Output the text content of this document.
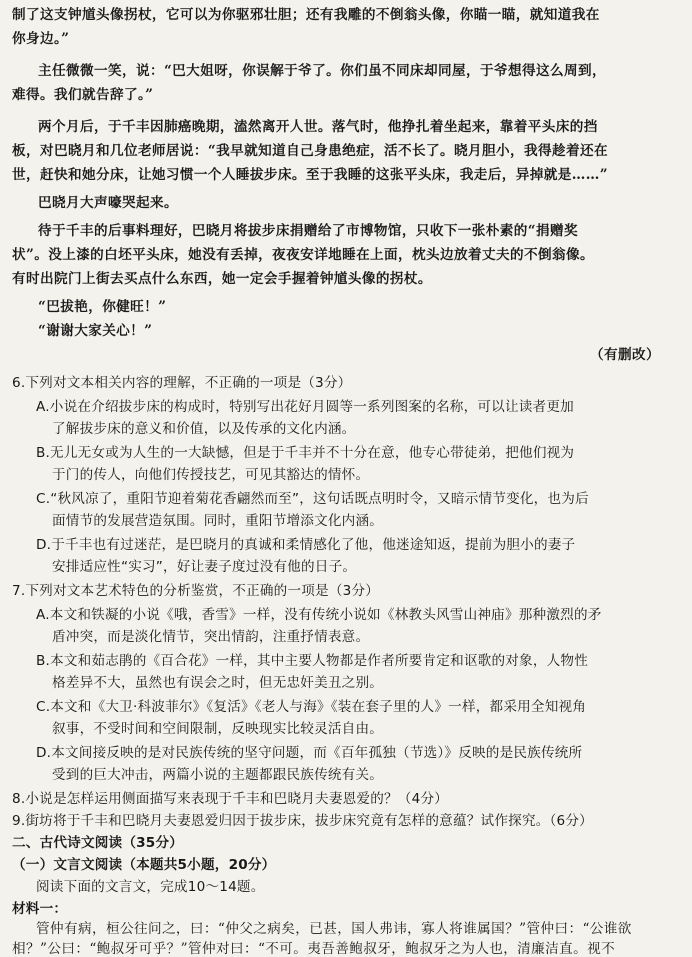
制了这支钟馗头像拐杖，它可以为你驱邪壮胆；还有我雕的不倒翁头像，你瞄一瞄，就知道我在
你身边。”
主任微微一笑，说：“巴大姐呀，你误解于爷了。你们虽不同床却同屋，于爷想得这么周到，
难得。我们就告辞了。”
两个月后，于千丰因肺癌晚期，溘然离开人世。落气时，他挣扎着坐起来，靠着平头床的挡
板，对巴晓月和几位老师居说：“我早就知道自己身患绝症，活不长了。晓月胆小，我得趁着还在
世，赶快和她分床，让她习惯一个人睡拔步床。至于我睡的这张平头床，我走后，异掉就是……”
巴晓月大声嚎哭起来。
待于千丰的后事料理好，巴晓月将拔步床捐赠给了市博物馆，只收下一张朴素的“捐赠奖
状”。没上漆的白坯平头床，她没有丢掉，夜夜安详地睡在上面，枕头边放着丈夫的不倒翁像。
有时出院门上街去买点什么东西，她一定会手握着钟馗头像的拐杖。
“巴拔艳，你健旺！”
“谢谢大家关心！”
（有删改）
6.下列对文本相关内容的理解，不正确的一项是（3分）
A.小说在介绍拔步床的构成时，特别写出花好月圆等一系列图案的名称，可以让读者更加
了解拔步床的意义和价值，以及传承的文化内涵。
B.无儿无女或为人生的一大缺憾，但是于千丰并不十分在意，他专心带徒弟，把他们视为
于门的传人，向他们传授技艺，可见其豁达的情怀。
C.“秋风凉了，重阳节迎着菊花香翩然而至”，这句话既点明时令，又暗示情节变化，也为后
面情节的发展营造氛围。同时，重阳节增添文化内涵。
D.于千丰也有过迷茫，是巴晓月的真诚和柔情感化了他，他迷途知返，提前为胆小的妻子
安排适应性“实习”，好让妻子度过没有他的日子。
7.下列对文本艺术特色的分析鉴赏，不正确的一项是（3分）
A.本文和铁凝的小说《哦，香雪》一样，没有传统小说如《林教头风雪山神庙》那种激烈的矛
盾冲突，而是淡化情节，突出情韵，注重抒情表意。
B.本文和茹志鹃的《百合花》一样，其中主要人物都是作者所要肯定和讴歌的对象，人物性
格差异不大，虽然也有误会之时，但无忠奸美丑之别。
C.本文和《大卫·科波菲尔》《复活》《老人与海》《装在套子里的人》一样，都采用全知视角
叙事，不受时间和空间限制，反映现实比较灵活自由。
D.本文间接反映的是对民族传统的坚守问题，而《百年孤独（节选）》反映的是民族传统所
受到的巨大冲击，两篇小说的主题都跟民族传统有关。
8.小说是怎样运用侧面描写来表现于千丰和巴晓月夫妻恩爱的？（4分）
9.街坊将于千丰和巴晓月夫妻恩爱归因于拔步床，拔步床究竟有怎样的意蕴？试作探究。（6分）
二、古代诗文阅读（35分）
（一）文言文阅读（本题共5小题，20分）
阅读下面的文言文，完成10～14题。
材料一：
管仲有病，桓公往问之，曰：“仲父之病矣，已甚，国人弗讳，寡人将谁属国？”管仲曰：“公谁欲
相？”公曰：“鲍叔牙可乎？”管仲对曰：“不可。夷吾善鲍叔牙，鲍叔牙之为人也，清廉洁直。视不
